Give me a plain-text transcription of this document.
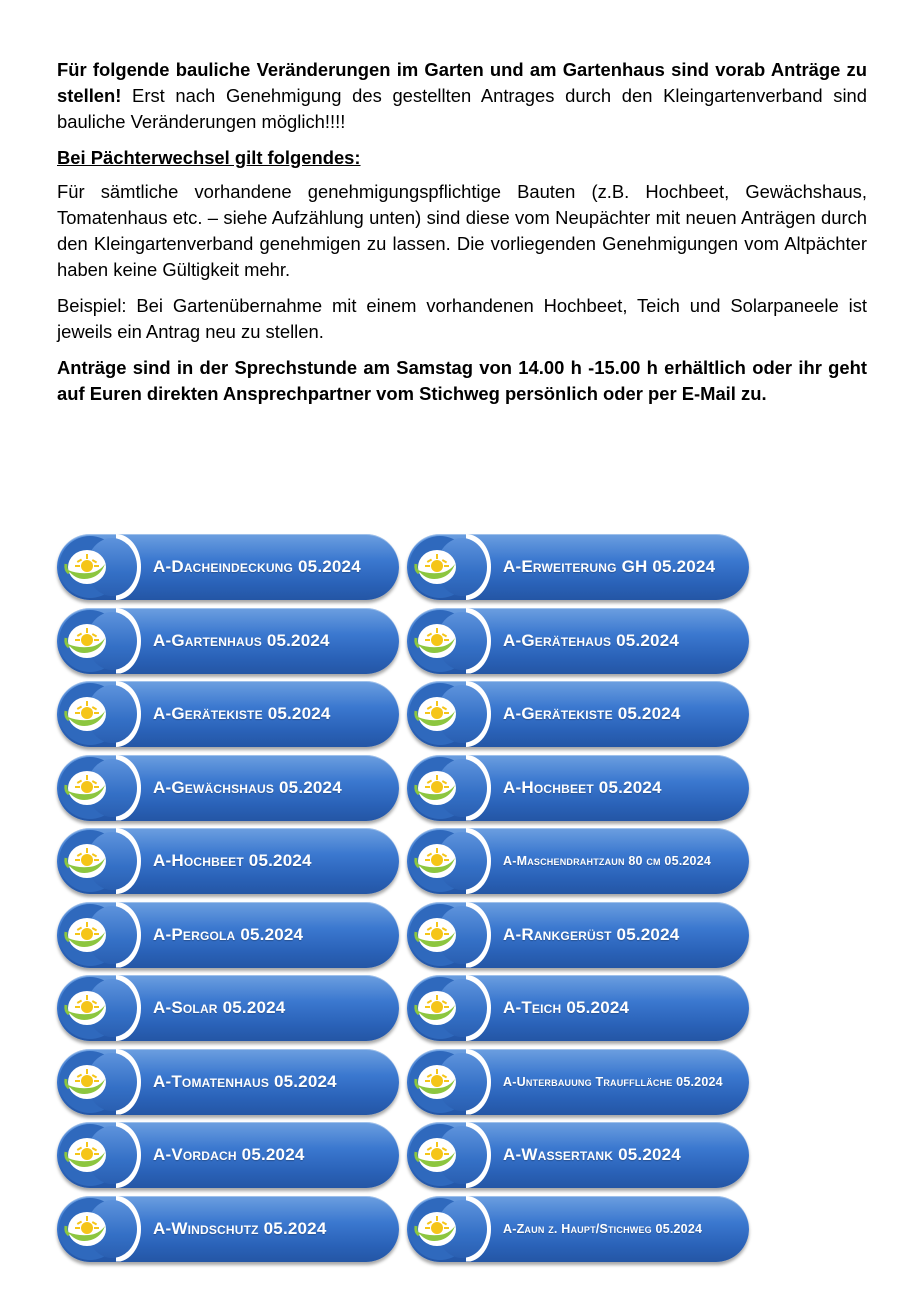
Für folgende bauliche Veränderungen im Garten und am Gartenhaus sind vorab Anträge zu stellen! Erst nach Genehmigung des gestellten Antrages durch den Kleingartenverband sind bauliche Veränderungen möglich!!!!

Bei Pächterwechsel gilt folgendes:

Für sämtliche vorhandene genehmigungspflichtige Bauten (z.B. Hochbeet, Gewächshaus, Tomatenhaus etc. – siehe Aufzählung unten) sind diese vom Neupächter mit neuen Anträgen durch den Kleingartenverband genehmigen zu lassen. Die vorliegenden Genehmigungen vom Altpächter haben keine Gültigkeit mehr.

Beispiel: Bei Gartenübernahme mit einem vorhandenen Hochbeet, Teich und Solarpaneele ist jeweils ein Antrag neu zu stellen.

Anträge sind in der Sprechstunde am Samstag von 14.00 h -15.00 h erhältlich oder ihr geht auf Euren direkten Ansprechpartner vom Stichweg persönlich oder per E-Mail zu.

A-Dacheindeckung 05.2024
A-Gartenhaus 05.2024
A-Gerätekiste 05.2024
A-Gewächshaus 05.2024
A-Hochbeet 05.2024
A-Pergola 05.2024
A-Solar 05.2024
A-Tomatenhaus 05.2024
A-Vordach 05.2024
A-Windschutz 05.2024
A-Erweiterung GH 05.2024
A-Gerätehaus 05.2024
A-Gerätekiste 05.2024
A-Hochbeet 05.2024
A-Maschendrahtzaun 80 cm 05.2024
A-Rankgerüst 05.2024
A-Teich 05.2024
A-Unterbauung Traufflläche 05.2024
A-Wassertank 05.2024
A-Zaun z. Haupt/Stichweg 05.2024
